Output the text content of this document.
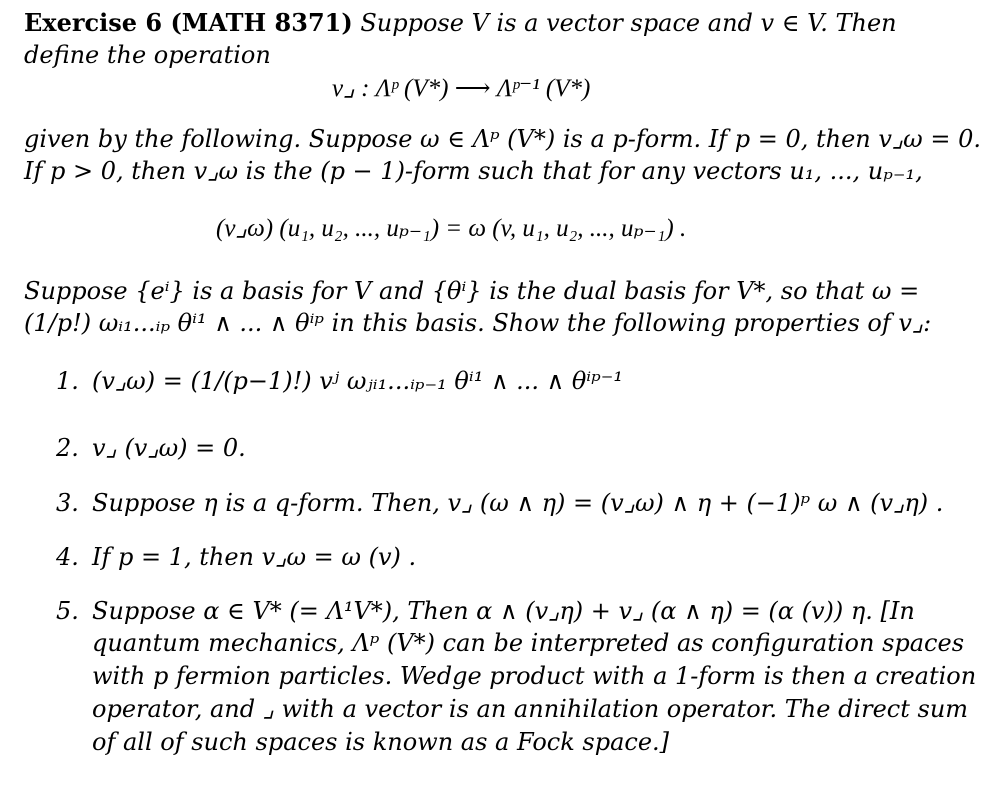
Exercise 6 (MATH 8371) Suppose V is a vector space and v ∈ V. Then
define the operation
v⌟ : Λᵖ (V*) ⟶ Λᵖ⁻¹ (V*)
given by the following. Suppose ω ∈ Λᵖ (V*) is a p-form. If p = 0, then v⌟ω = 0.
If p > 0, then v⌟ω is the (p − 1)-form such that for any vectors u₁, ..., uₚ₋₁,
(v⌟ω) (u₁, u₂, ..., uₚ₋₁) = ω (v, u₁, u₂, ..., uₚ₋₁) .
Suppose {eⁱ} is a basis for V and {θⁱ} is the dual basis for V*, so that ω =
(1/p!) ωᵢ₁...ᵢₚ θⁱ¹ ∧ ... ∧ θⁱᵖ in this basis. Show the following properties of v⌟:
1. (v⌟ω) = (1/(p−1)!) vʲ ωⱼᵢ₁...ᵢₚ₋₁ θⁱ¹ ∧ ... ∧ θⁱᵖ⁻¹
2. v⌟ (v⌟ω) = 0.
3. Suppose η is a q-form. Then, v⌟ (ω ∧ η) = (v⌟ω) ∧ η + (−1)ᵖ ω ∧ (v⌟η) .
4. If p = 1, then v⌟ω = ω (v) .
5. Suppose α ∈ V* (= Λ¹V*), Then α ∧ (v⌟η) + v⌟ (α ∧ η) = (α (v)) η. [In
quantum mechanics, Λᵖ (V*) can be interpreted as configuration spaces
with p fermion particles. Wedge product with a 1-form is then a creation
operator, and ⌟ with a vector is an annihilation operator. The direct sum
of all of such spaces is known as a Fock space.]
